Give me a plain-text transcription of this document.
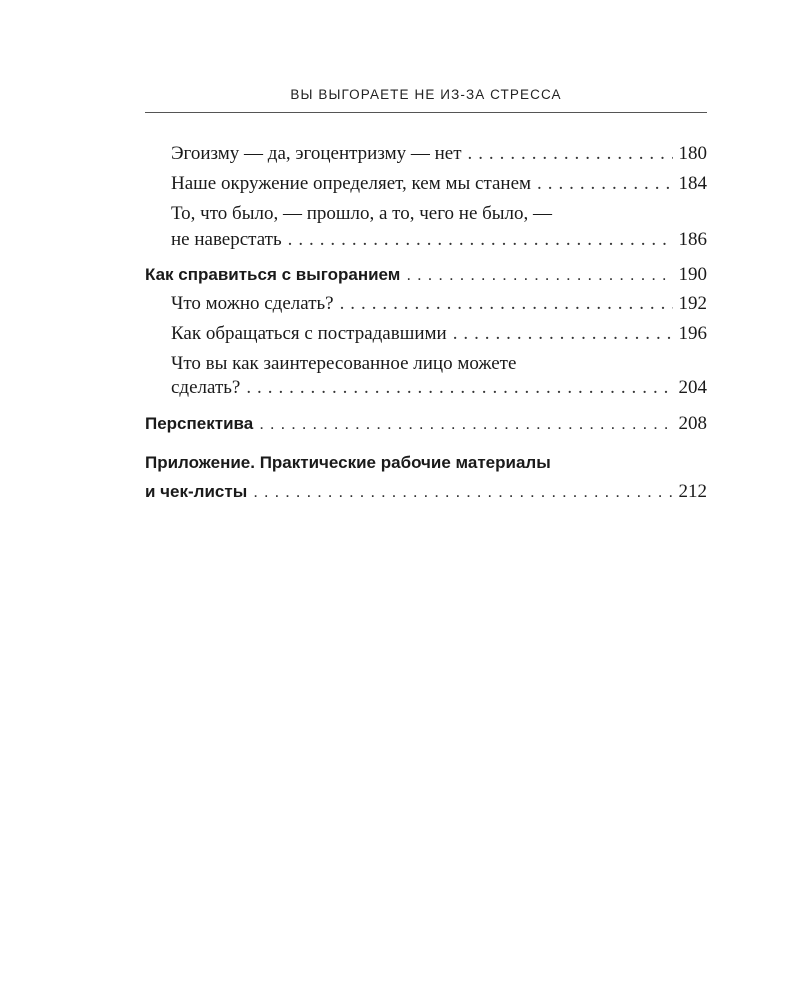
ВЫ ВЫГОРАЕТЕ НЕ ИЗ-ЗА СТРЕССА
Эгоизму — да, эгоцентризму — нет . . .	180
Наше окружение определяет, кем мы станем . . .	184
То, что было, — прошло, а то, чего не было, —
не наверстать . . .	186
Как справиться с выгоранием . . .	190
Что можно сделать? . . .	192
Как обращаться с пострадавшими . . .	196
Что вы как заинтересованное лицо можете
сделать? . . .	204
Перспектива . . .	208
Приложение. Практические рабочие материалы
и чек-листы . . .	212
